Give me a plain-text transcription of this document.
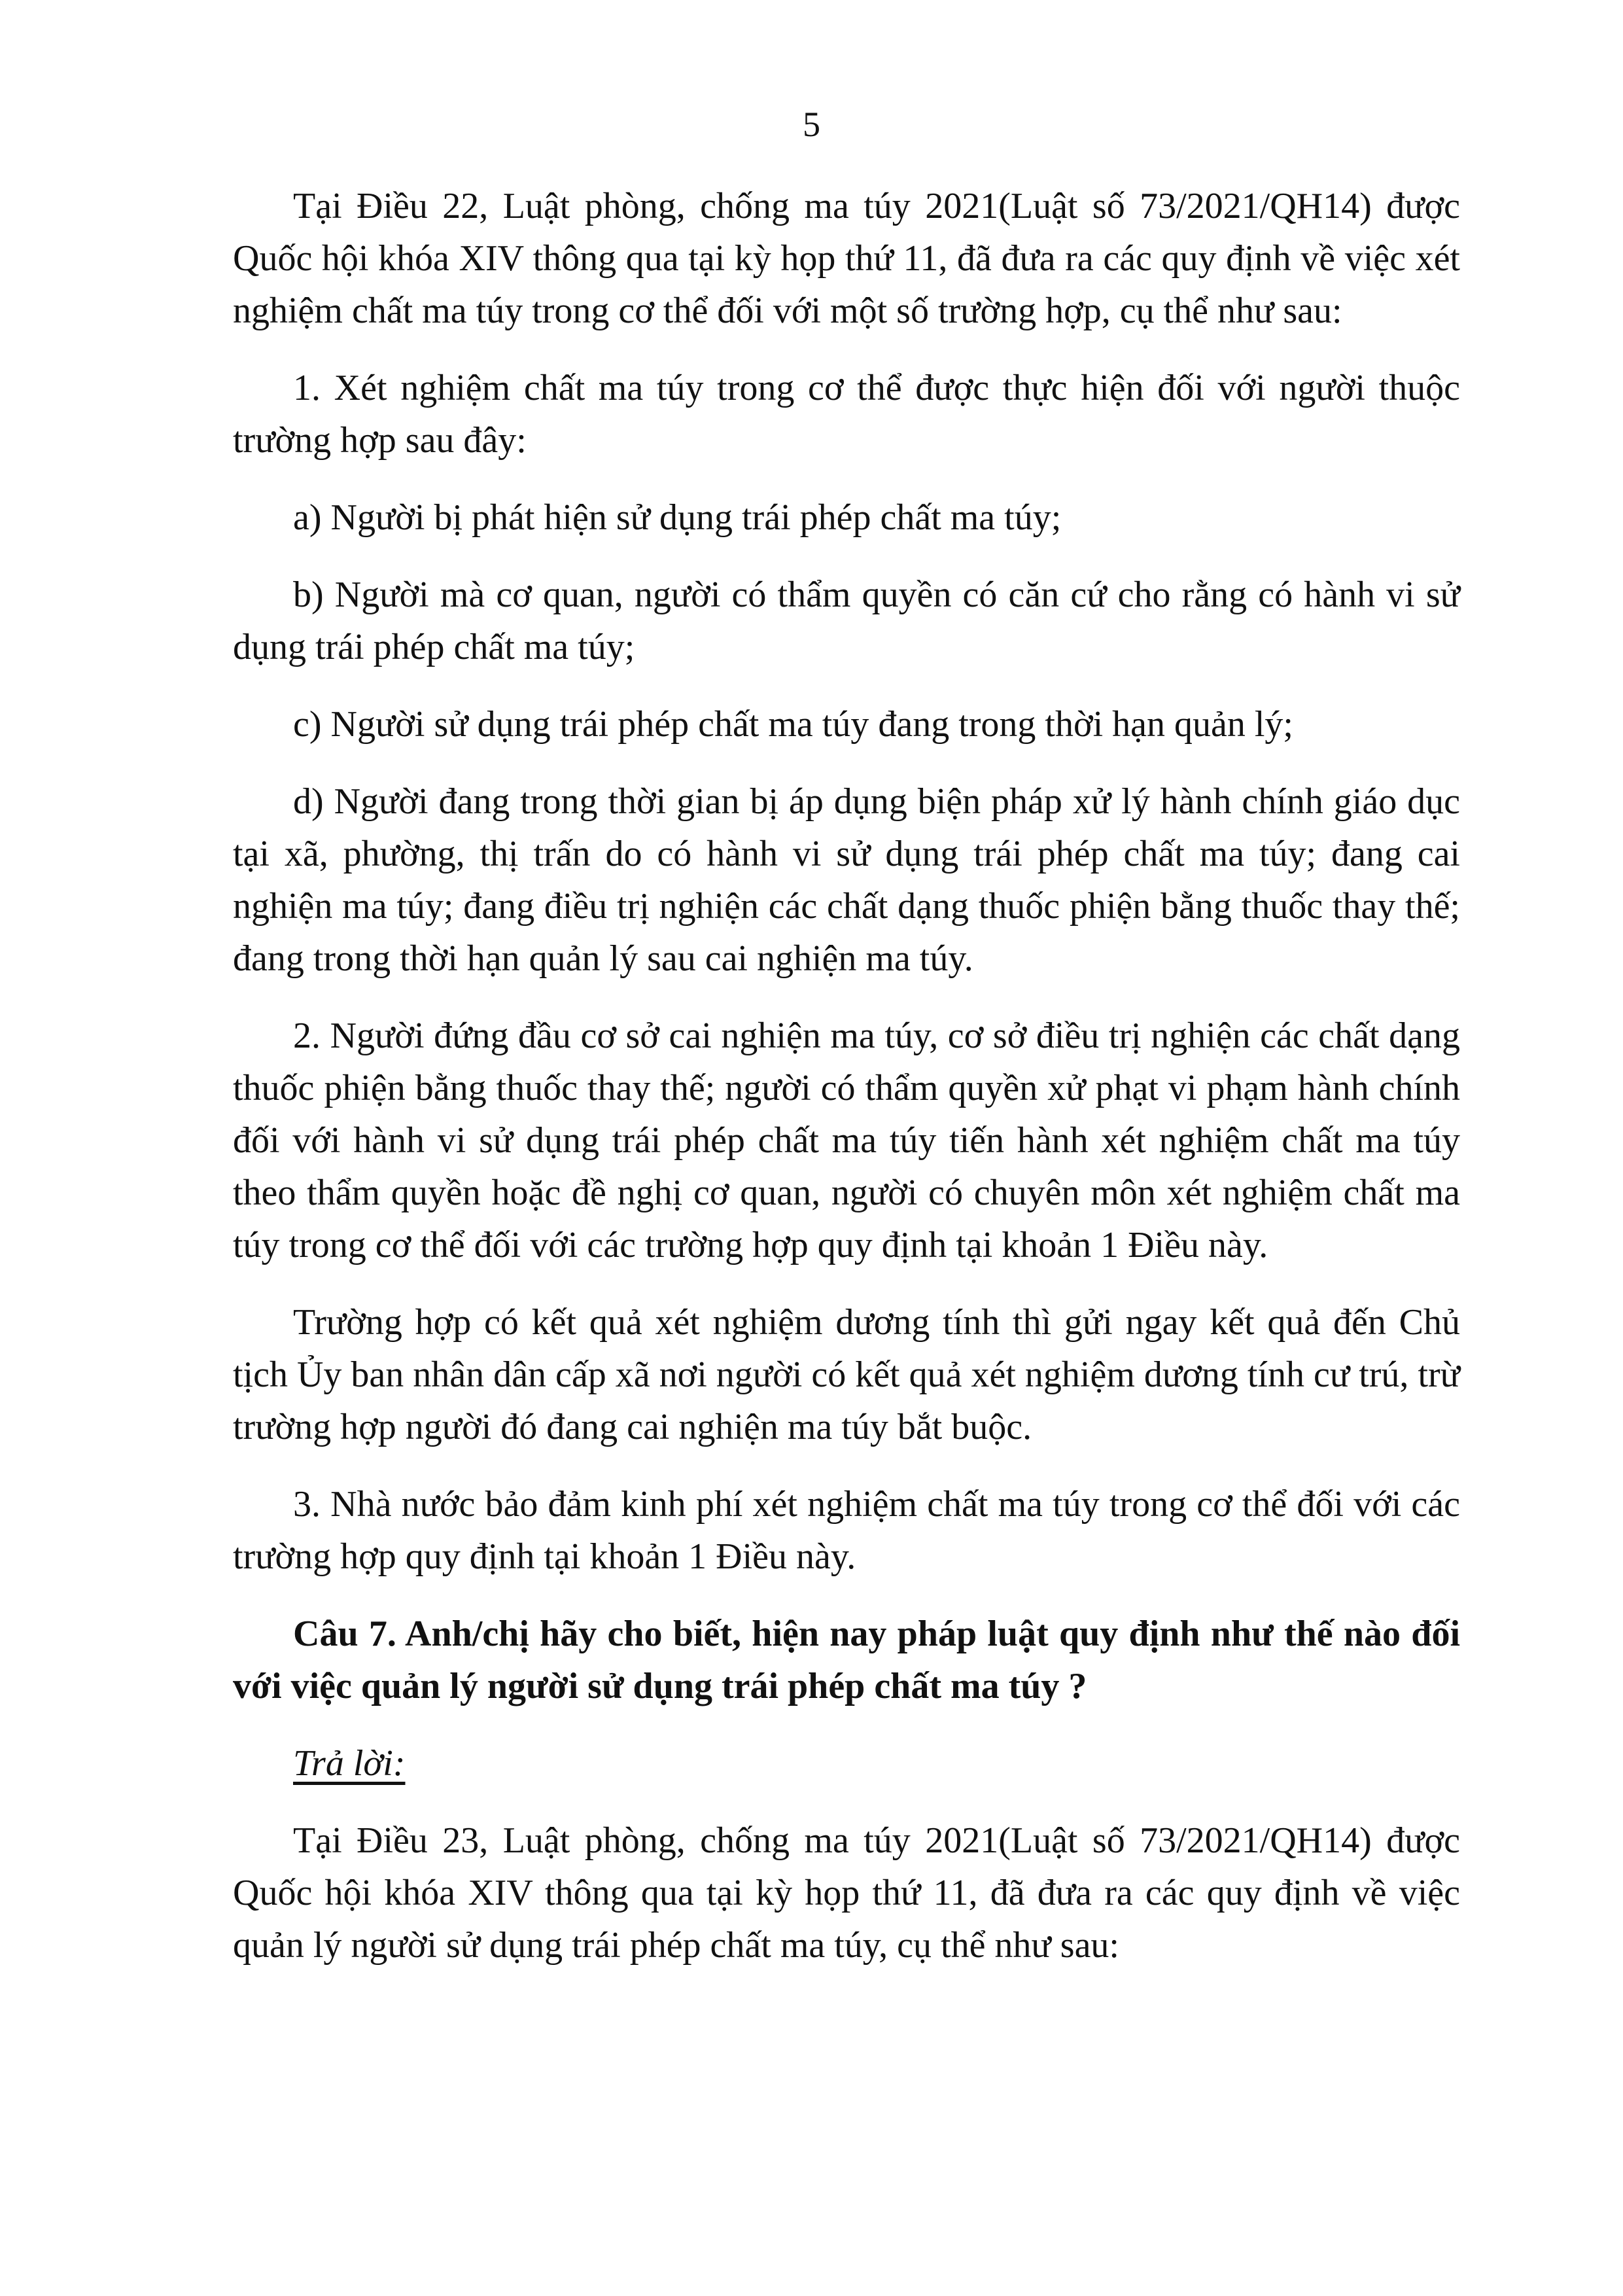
5

Tại Điều 22, Luật phòng, chống ma túy 2021(Luật số 73/2021/QH14) được Quốc hội khóa XIV thông qua tại kỳ họp thứ 11, đã đưa ra các quy định về việc xét nghiệm chất ma túy trong cơ thể đối với một số trường hợp, cụ thể như sau:

1. Xét nghiệm chất ma túy trong cơ thể được thực hiện đối với người thuộc trường hợp sau đây:

a) Người bị phát hiện sử dụng trái phép chất ma túy;

b) Người mà cơ quan, người có thẩm quyền có căn cứ cho rằng có hành vi sử dụng trái phép chất ma túy;

c) Người sử dụng trái phép chất ma túy đang trong thời hạn quản lý;

d) Người đang trong thời gian bị áp dụng biện pháp xử lý hành chính giáo dục tại xã, phường, thị trấn do có hành vi sử dụng trái phép chất ma túy; đang cai nghiện ma túy; đang điều trị nghiện các chất dạng thuốc phiện bằng thuốc thay thế; đang trong thời hạn quản lý sau cai nghiện ma túy.

2. Người đứng đầu cơ sở cai nghiện ma túy, cơ sở điều trị nghiện các chất dạng thuốc phiện bằng thuốc thay thế; người có thẩm quyền xử phạt vi phạm hành chính đối với hành vi sử dụng trái phép chất ma túy tiến hành xét nghiệm chất ma túy theo thẩm quyền hoặc đề nghị cơ quan, người có chuyên môn xét nghiệm chất ma túy trong cơ thể đối với các trường hợp quy định tại khoản 1 Điều này.

Trường hợp có kết quả xét nghiệm dương tính thì gửi ngay kết quả đến Chủ tịch Ủy ban nhân dân cấp xã nơi người có kết quả xét nghiệm dương tính cư trú, trừ trường hợp người đó đang cai nghiện ma túy bắt buộc.

3. Nhà nước bảo đảm kinh phí xét nghiệm chất ma túy trong cơ thể đối với các trường hợp quy định tại khoản 1 Điều này.

Câu 7. Anh/chị hãy cho biết, hiện nay pháp luật quy định như thế nào đối với việc quản lý người sử dụng trái phép chất ma túy ?

Trả lời:

Tại Điều 23, Luật phòng, chống ma túy 2021(Luật số 73/2021/QH14) được Quốc hội khóa XIV thông qua tại kỳ họp thứ 11, đã đưa ra các quy định về việc quản lý người sử dụng trái phép chất ma túy, cụ thể như sau:
